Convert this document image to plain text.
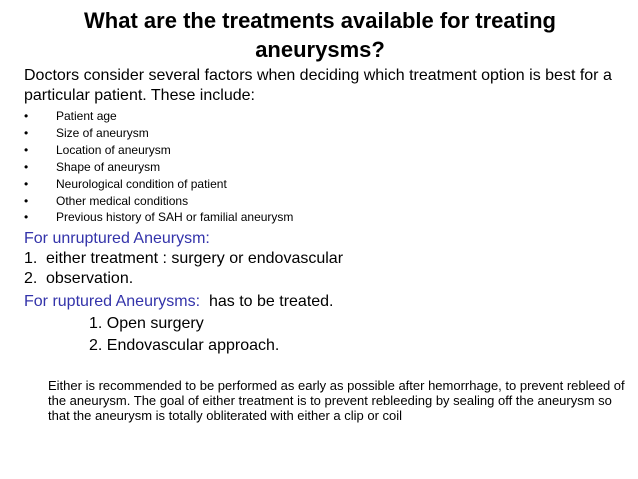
What are the treatments available for treating aneurysms?
Doctors consider several factors when deciding which treatment option is best for a particular patient. These include:
• Patient age
• Size of aneurysm
• Location of aneurysm
• Shape of aneurysm
• Neurological condition of patient
• Other medical conditions
• Previous history of SAH or familial aneurysm
For unruptured Aneurysm:
1. either treatment : surgery or endovascular
2. observation.
For ruptured Aneurysms: has to be treated.
1. Open surgery
2. Endovascular approach.
Either is recommended to be performed as early as possible after hemorrhage, to prevent rebleed of the aneurysm. The goal of either treatment is to prevent rebleeding by sealing off the aneurysm so that the aneurysm is totally obliterated with either a clip or coil
